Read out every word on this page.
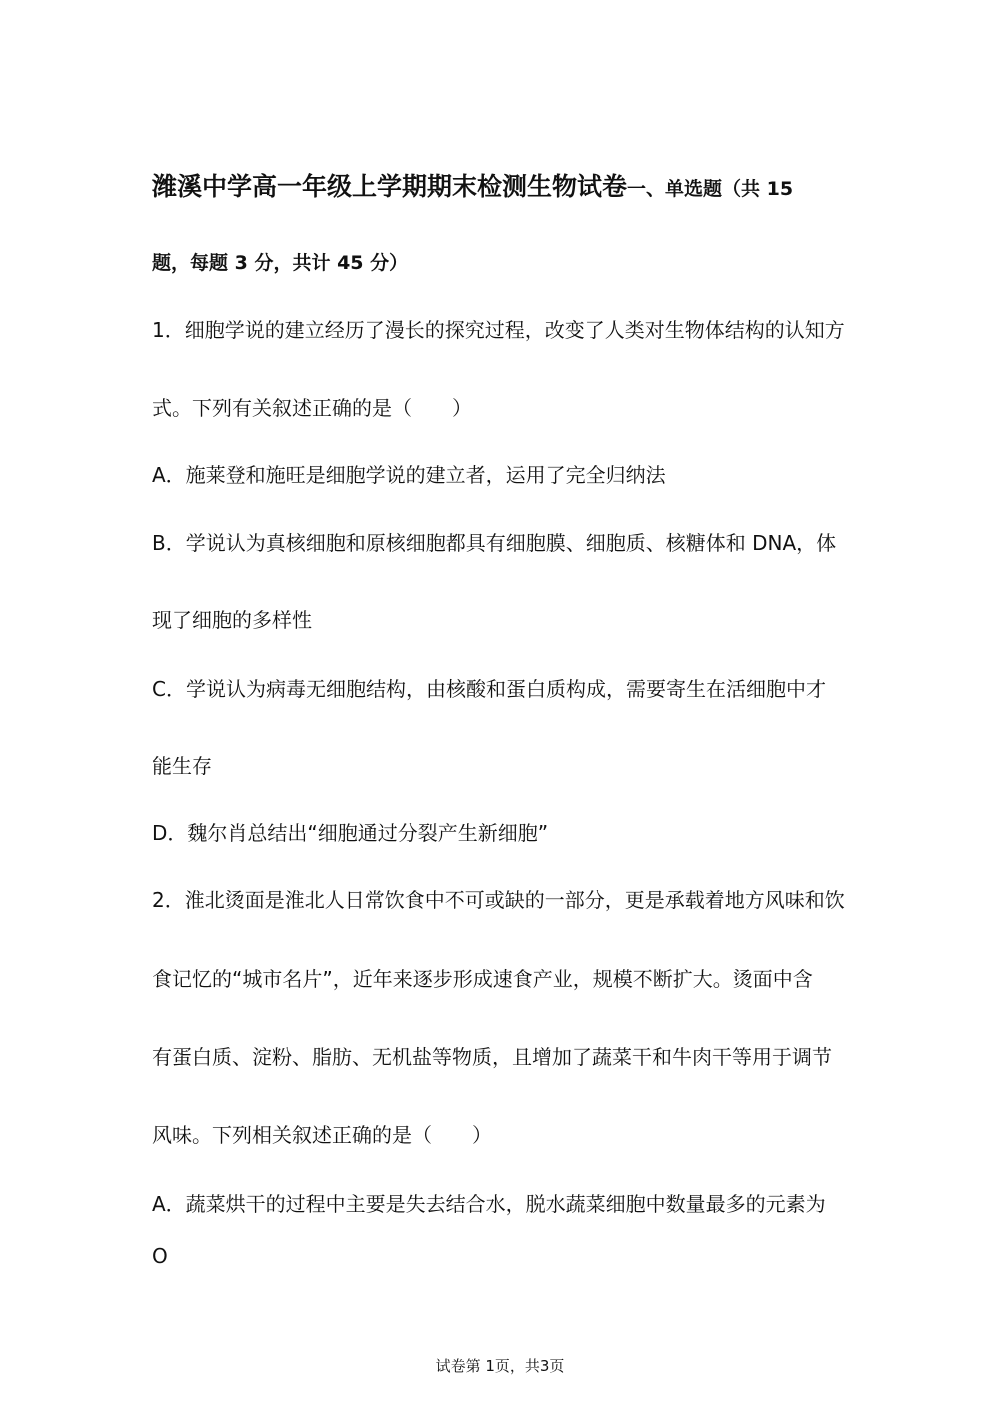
潍溪中学高一年级上学期期末检测生物试卷一、单选题（共 15
题，每题 3 分，共计 45 分）
1．细胞学说的建立经历了漫长的探究过程，改变了人类对生物体结构的认知方
式。下列有关叙述正确的是（　　）
A．施莱登和施旺是细胞学说的建立者，运用了完全归纳法
B．学说认为真核细胞和原核细胞都具有细胞膜、细胞质、核糖体和 DNA，体
现了细胞的多样性
C．学说认为病毒无细胞结构，由核酸和蛋白质构成，需要寄生在活细胞中才
能生存
D．魏尔肖总结出“细胞通过分裂产生新细胞”
2．淮北烫面是淮北人日常饮食中不可或缺的一部分，更是承载着地方风味和饮
食记忆的“城市名片”，近年来逐步形成速食产业，规模不断扩大。烫面中含
有蛋白质、淀粉、脂肪、无机盐等物质，且增加了蔬菜干和牛肉干等用于调节
风味。下列相关叙述正确的是（　　）
A．蔬菜烘干的过程中主要是失去结合水，脱水蔬菜细胞中数量最多的元素为
O
试卷第 1页，共3页
